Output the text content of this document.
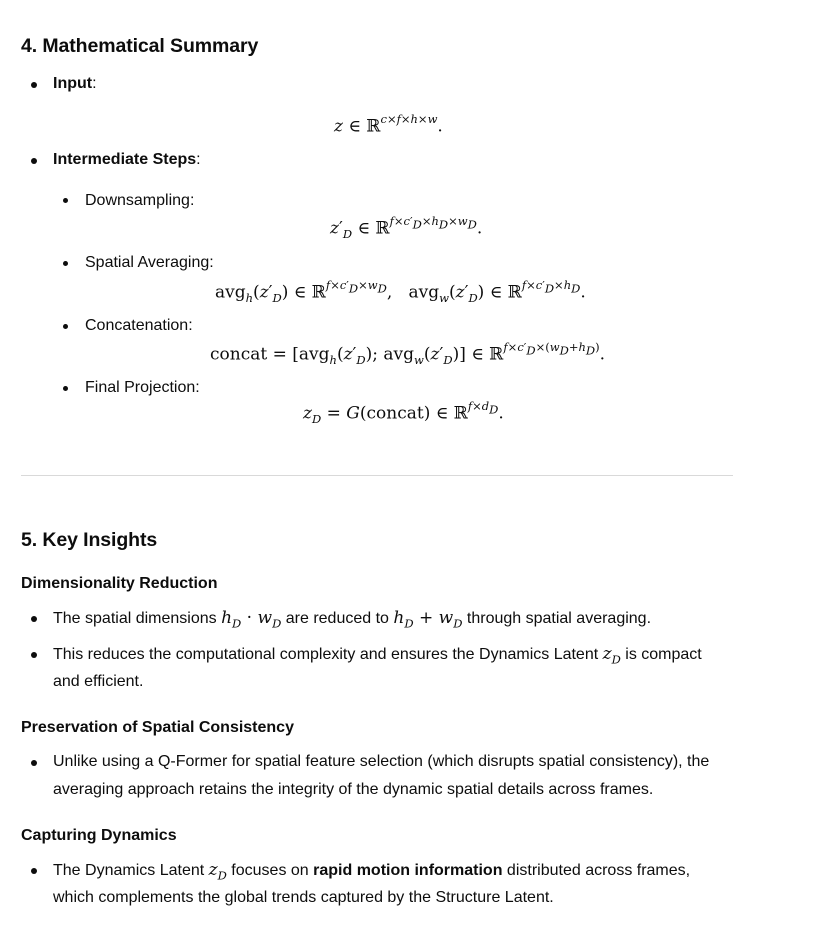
4. Mathematical Summary
Input:
z ∈ ℝ$^{c\times f\times h\times w}$.
Intermediate Steps:
Downsampling:
$z'_D$ ∈ ℝ$^{f\times c'_D\times h_D\times w_D}$.
Spatial Averaging:
$avg_h(z'_D)$ ∈ ℝ$^{f\times c'_D\times w_D}$,   $avg_w(z'_D)$ ∈ ℝ$^{f\times c'_D\times h_D}$.
Concatenation:
concat = [$avg_h(z'_D)$; $avg_w(z'_D)$] ∈ ℝ$^{f\times c'_D\times(w_D+h_D)}$.
Final Projection:
$z_D$ = G(concat) ∈ ℝ$^{f\times d_D}$.
5. Key Insights
Dimensionality Reduction
The spatial dimensions $h_D \cdot w_D$ are reduced to $h_D + w_D$ through spatial averaging.
This reduces the computational complexity and ensures the Dynamics Latent $z_D$ is compact
and efficient.
Preservation of Spatial Consistency
Unlike using a Q-Former for spatial feature selection (which disrupts spatial consistency), the
averaging approach retains the integrity of the dynamic spatial details across frames.
Capturing Dynamics
The Dynamics Latent $z_D$ focuses on rapid motion information distributed across frames,
which complements the global trends captured by the Structure Latent.
